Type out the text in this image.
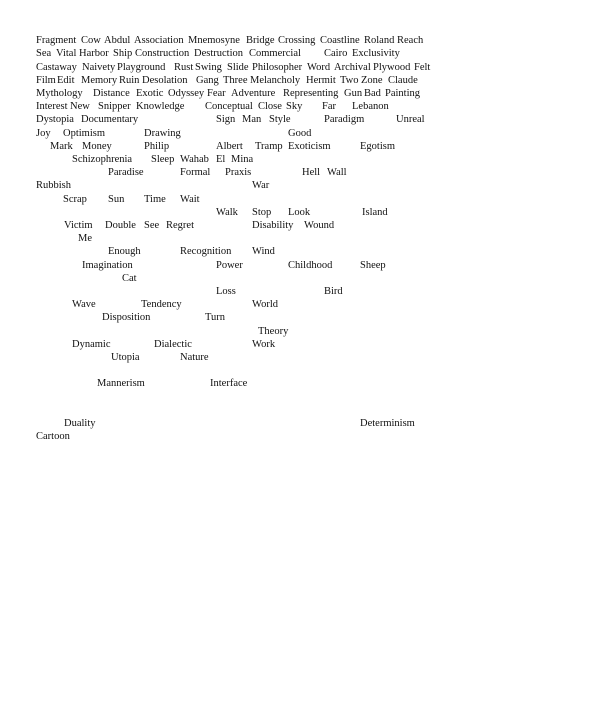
Fragment Cow Abdul Association Mnemosyne Bridge Crossing Coastline Roland Reach
Sea Vital Harbor Ship Construction Destruction Commercial Cairo Exclusivity
Castaway Naivety Playground Rust Swing Slide Philosopher Word Archival Plywood Felt
Film Edit Memory Ruin Desolation Gang Three Melancholy Hermit Two Zone Claude
Mythology Distance Exotic Odyssey Fear Adventure Representing Gun Bad Painting
Interest New Snipper Knowledge Conceptual Close Sky Far Lebanon
Dystopia Documentary	Sign Man Style	Paradigm	Unreal
Joy Optimism	Drawing	Good
Mark Money	Philip	Albert Tramp Exoticism	Egotism
Schizophrenia Sleep Wahab El Mina
Paradise	Formal Praxis	Hell Wall
Rubbish	War
Scrap Sun Time Wait
Walk Stop Look	Island
Victim Double See Regret	Disability Wound
Me
Enough	Recognition Wind
Imagination	Power	Childhood	Sheep
Cat
Loss	Bird
Wave	Tendency	World
Disposition	Turn
Theory
Dynamic	Dialectic	Work
Utopia	Nature
Mannerism	Interface
Duality	Determinism
Cartoon
